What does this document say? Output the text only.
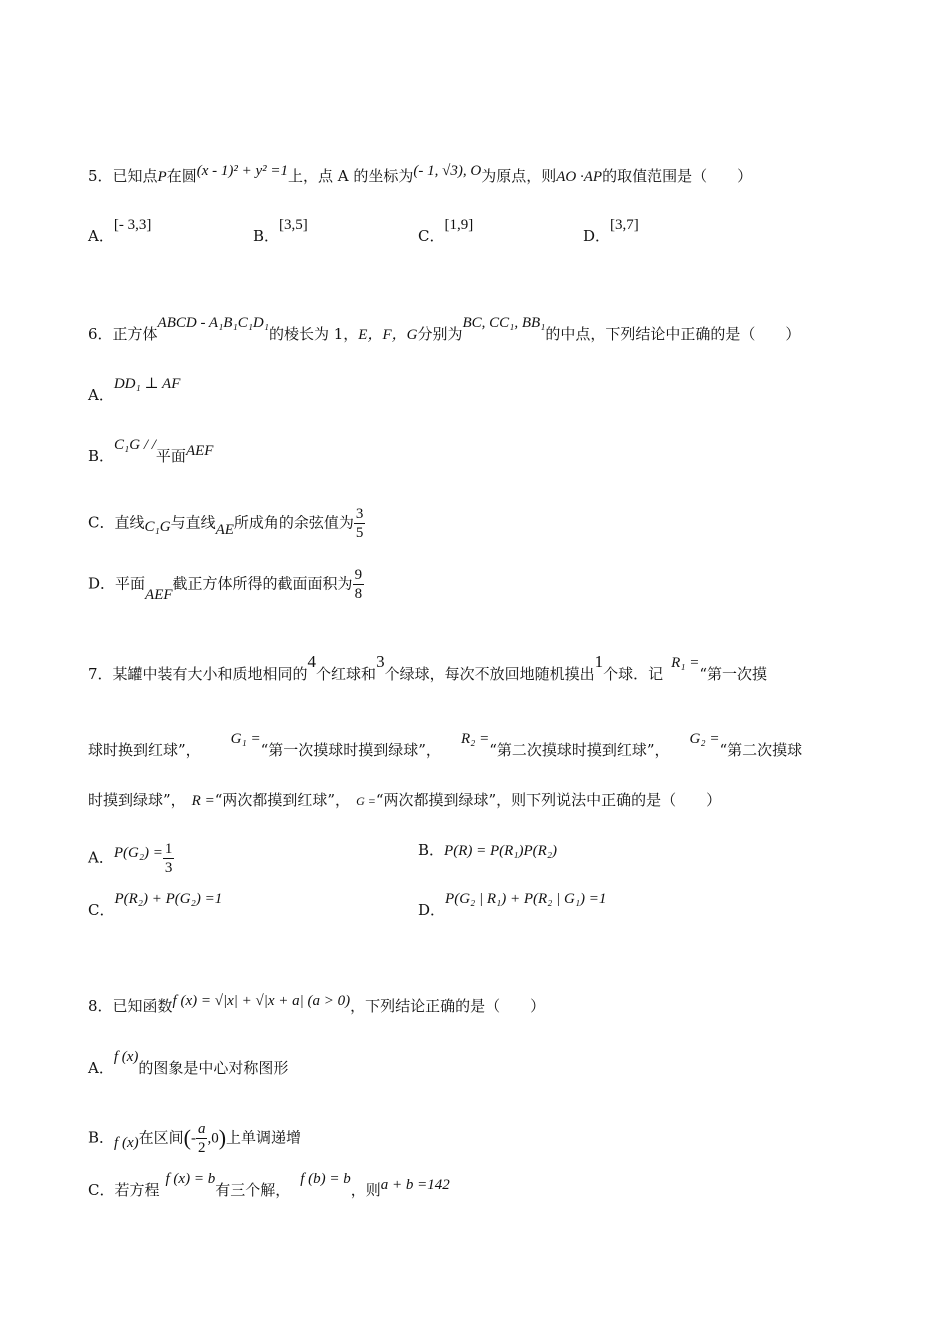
5．已知点P在圆(x - 1)² + y² =1上，点 A 的坐标为(- 1, √3), O为原点，则AO ·AP的取值范围是（　　）
A．[- 3,3]
B．[3,5]
C．[1,9]
D．[3,7]
6．正方体ABCD - A₁B₁C₁D₁的棱长为 1，E，F，G分别为BC, CC₁, BB₁的中点，下列结论中正确的是（　　）
A．DD₁ ⊥ AF
B．C₁G / /平面AEF
C．直线C₁G与直线AE所成角的余弦值为 $\frac{3}{5}$
D．平面AEF截正方体所得的截面面积为 $\frac{9}{8}$
7．某罐中装有大小和质地相同的4个红球和3个绿球，每次不放回地随机摸出1个球．记R₁ =“第一次摸
球时换到红球”，G₁ =“第一次摸球时摸到绿球”，R₂ =“第二次摸球时摸到红球”，G₂ =“第二次摸球
时摸到绿球”， R =“两次都摸到红球”， G =“两次都摸到绿球”，则下列说法中正确的是（　　）
A．$P(G_2) = \frac{1}{3}$	B．P(R) = P(R₁)P(R₂)
C．P(R₂) + P(G₂) =1
D．P(G₂ | R₁) + P(R₂ | G₁) =1
8．已知函数f (x) = √|x| + √|x + a| (a > 0)，下列结论正确的是（　　）
A．f (x)的图象是中心对称图形
B．f (x)在区间(- $\frac{a}{2} ,0$)上单调递增
C．若方程f (x) = b有三个解，f (b) = b，则a + b =142
